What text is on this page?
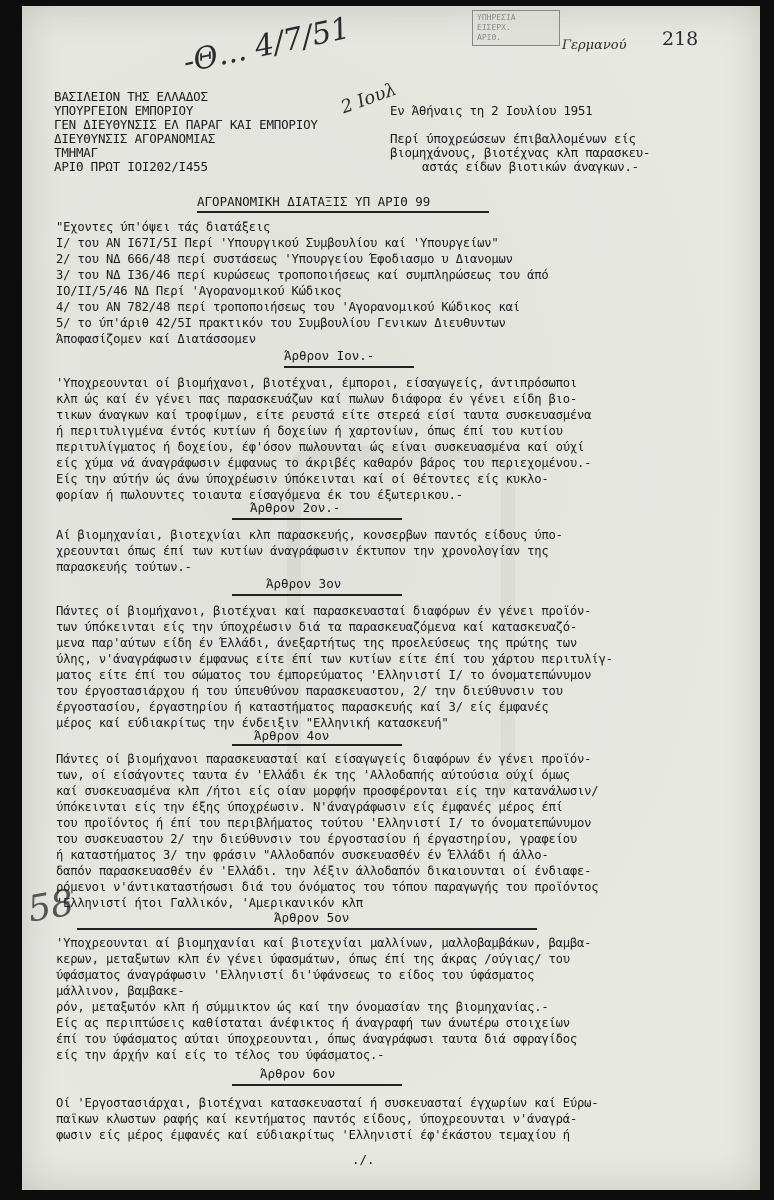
-Θ... 4/7/51
2 Ιουλ
Γερμανού 218
58
ΥΠΗΡΕΣΙΑ
ΕΙΣΕΡΧ.
ΑΡΙΘ.
ΒΑΣΙΛΕΙΟΝ ΤΗΣ ΕΛΛΑΔΟΣ
ΥΠΟΥΡΓΕΙΟΝ ΕΜΠΟΡΙΟΥ
ΓΕΝ ΔΙΕΥΘΥΝΣΙΣ ΕΛ ΠΑΡΑΓ ΚΑΙ ΕΜΠΟΡΙΟΥ
ΔΙΕΥΘΥΝΣΙΣ ΑΓΟΡΑΝΟΜΙΑΣ
ΤΜΗΜΑΓ
ΑΡΙΘ ΠΡΩΤ ΙΟΙ202/Ι455
Εν Άθήναις τη 2 Ιουλίου 1951
Περί ύποχρεώσεων έπιβαλλομένων είς
βιομηχάνους, βιοτέχνας κλπ παρασκευ-
αστάς είδων βιοτικών άναγκων.-
ΑΓΟΡΑΝΟΜΙΚΗ ΔΙΑΤΑΞΙΣ ΥΠ ΑΡΙΘ 99
"Εχοντες ύπ'όψει τάς διατάξεις
Ι/ του ΑΝ Ι67Ι/5Ι Περί 'Υπουργικού Συμβουλίου καί 'Υπουργείων"
2/ του ΝΔ 666/48 περί συστάσεως 'Υπουργείου Έφοδιασμο υ Διανομων
3/ του ΝΔ Ι36/46 περί κυρώσεως τροποποιήσεως καί συμπληρώσεως του άπό
ΙΟ/ΙΙ/5/46 ΝΔ Περί 'Αγορανομικού Κώδικος
4/ του ΑΝ 782/48 περί τροποποιήσεως του 'Αγορανομικού Κώδικος καί
5/ το ύπ'άριθ 42/5Ι πρακτικόν του Συμβουλίου Γενικων Διευθυντων
Άποφασίζομεν καί Διατάσσομεν
Άρθρον Ιον.-
'Υποχρεουνται οί βιομήχανοι, βιοτέχναι, έμποροι, είσαγωγείς, άντιπρόσωποι
κλπ ώς καί έν γένει πας παρασκευάζων καί πωλων διάφορα έν γένει είδη βιο-
τικων άναγκων καί τροφίμων, είτε ρευστά είτε στερεά είσί ταυτα συσκευασμένα
ή περιτυλιγμένα έντός κυτίων ή δοχείων ή χαρτονίων, όπως έπί του κυτίου
περιτυλίγματος ή δοχείου, έφ'όσον πωλουνται ώς είναι συσκευασμένα καί ούχί
είς χύμα νά άναγράφωσιν έμφανως το άκριβές καθαρόν βάρος του περιεχομένου.-
Είς την αύτήν ώς άνω ύποχρέωσιν ύπόκεινται καί οί θέτοντες είς κυκλο-
φορίαν ή πωλουντες τοιαυτα είσαγόμενα έκ του έξωτερικου.-
Άρθρον 2ον.-
Αί βιομηχανίαι, βιοτεχνίαι κλπ παρασκευής, κονσερβων παντός είδους ύπο-
χρεουνται όπως έπί των κυτίων άναγράφωσιν έκτυπον την χρονολογίαν της
παρασκευής τούτων.-
Άρθρον 3ον
Πάντες οί βιομήχανοι, βιοτέχναι καί παρασκευασταί διαφόρων έν γένει προϊόν-
των ύπόκεινται είς την ύποχρέωσιν διά τα παρασκευαζόμενα καί κατασκευαζό-
μενα παρ'αύτων είδη έν Έλλάδι, άνεξαρτήτως της προελεύσεως της πρώτης των
ύλης, ν'άναγράφωσιν έμφανως είτε έπί των κυτίων είτε έπί του χάρτου περιτυλίγ-
ματος είτε έπί του σώματος του έμπορεύματος 'Ελληνιστί Ι/ το όνοματεπώνυμον
του έργοστασιάρχου ή του ύπευθύνου παρασκευαστου, 2/ την διεύθυνσιν του
έργοστασίου, έργαστηρίου ή καταστήματος παρασκευής καί 3/ είς έμφανές
μέρος καί εύδιακρίτως την ένδειξιν "Ελληνική κατασκευή"
Άρθρον 4ον
Πάντες οί βιομήχανοι παρασκευασταί καί είσαγωγείς διαφόρων έν γένει προϊόν-
των, οί είσάγοντες ταυτα έν 'Ελλάδι έκ της 'Αλλοδαπής αύτούσια ούχί όμως
καί συσκευασμένα κλπ /ήτοι είς οίαν μορφήν προσφέρονται είς την κατανάλωσιν/
ύπόκεινται είς την έξης ύποχρέωσιν. Ν'άναγράφωσιν είς έμφανές μέρος έπί
του προϊόντος ή έπί του περιβλήματος τούτου 'Ελληνιστί Ι/ το όνοματεπώνυμον
του συσκευαστου 2/ την διεύθυνσιν του έργοστασίου ή έργαστηρίου, γραφείου
ή καταστήματος 3/ την φράσιν "Αλλοδαπόν συσκευασθέν έν Έλλάδι ή άλλο-
δαπόν παρασκευασθέν έν 'Ελλάδι. την λέξιν άλλοδαπόν δικαιουνται οί ένδιαφε-
ρόμενοι ν'άντικαταστήσωσι διά του όνόματος του τόπου παραγωγής του προϊόντος
'Ελληνιστί ήτοι Γαλλικόν, 'Αμερικανικόν κλπ
Άρθρον 5ον
'Υποχρεουνται αί βιομηχανίαι καί βιοτεχνίαι μαλλίνων, μαλλοβαμβάκων, βαμβα-
κερων, μεταξωτων κλπ έν γένει ύφασμάτων, όπως έπί της άκρας /ούγιας/ του
ύφάσματος άναγράφωσιν 'Ελληνιστί δι'ύφάνσεως το είδος του ύφάσματος
μάλλινον, βαμβακε-
ρόν, μεταξωτόν κλπ ή σύμμικτον ώς καί την όνομασίαν της βιομηχανίας.-
Είς ας περιπτώσεις καθίσταται άνέφικτος ή άναγραφή των άνωτέρω στοιχείων
έπί του ύφάσματος αύται ύποχρεουνται, όπως άναγράφωσι ταυτα διά σφραγίδος
είς την άρχήν καί είς το τέλος του ύφάσματος.-
Άρθρον 6ον
Οί 'Εργοστασιάρχαι, βιοτέχναι κατασκευασταί ή συσκευασταί έγχωρίων καί Εύρω-
παϊκων κλωστων ραφής καί κεντήματος παντός είδους, ύποχρεουνται ν'άναγρά-
φωσιν είς μέρος έμφανές καί εύδιακρίτως 'Ελληνιστί έφ'έκάστου τεμαχίου ή
./.
